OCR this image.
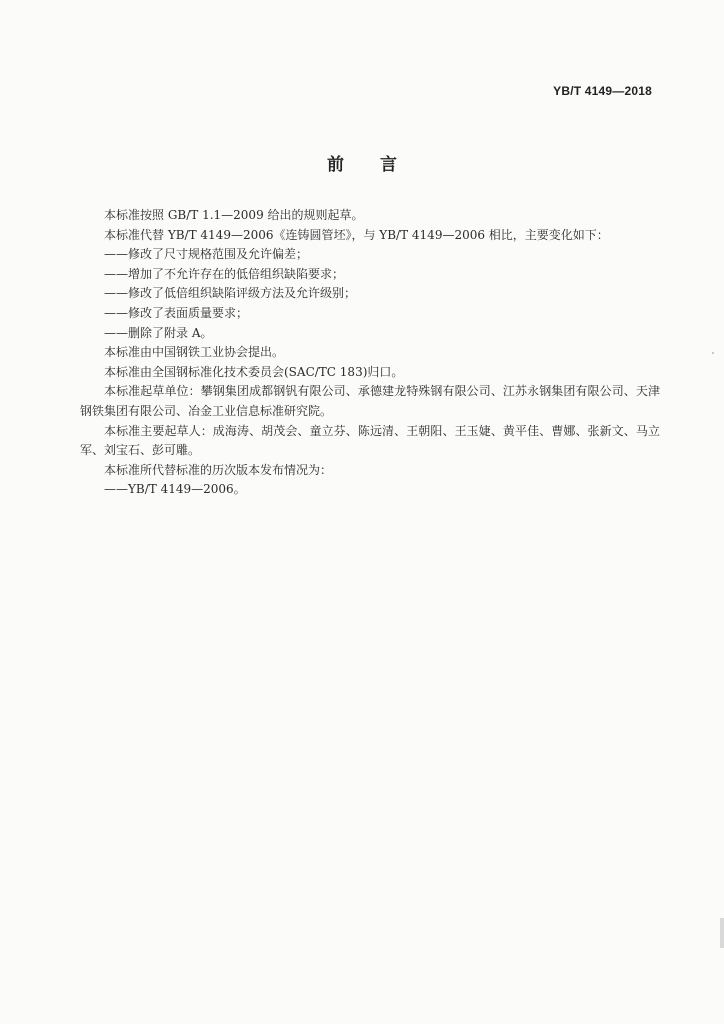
YB/T 4149—2018
前 言

本标准按照 GB/T 1.1—2009 给出的规则起草。

本标准代替 YB/T 4149—2006《连铸圆管坯》，与 YB/T 4149—2006 相比，主要变化如下：

——修改了尺寸规格范围及允许偏差；

——增加了不允许存在的低倍组织缺陷要求；

——修改了低倍组织缺陷评级方法及允许级别；

——修改了表面质量要求；

——删除了附录 A。

本标准由中国钢铁工业协会提出。

本标准由全国钢标准化技术委员会(SAC/TC 183)归口。

本标准起草单位：攀钢集团成都钢钒有限公司、承德建龙特殊钢有限公司、江苏永钢集团有限公司、天津钢铁集团有限公司、冶金工业信息标准研究院。

本标准主要起草人：成海涛、胡茂会、童立芬、陈远清、王朝阳、王玉婕、黄平佳、曹娜、张新文、马立军、刘宝石、彭可雕。

本标准所代替标准的历次版本发布情况为：

——YB/T 4149—2006。
